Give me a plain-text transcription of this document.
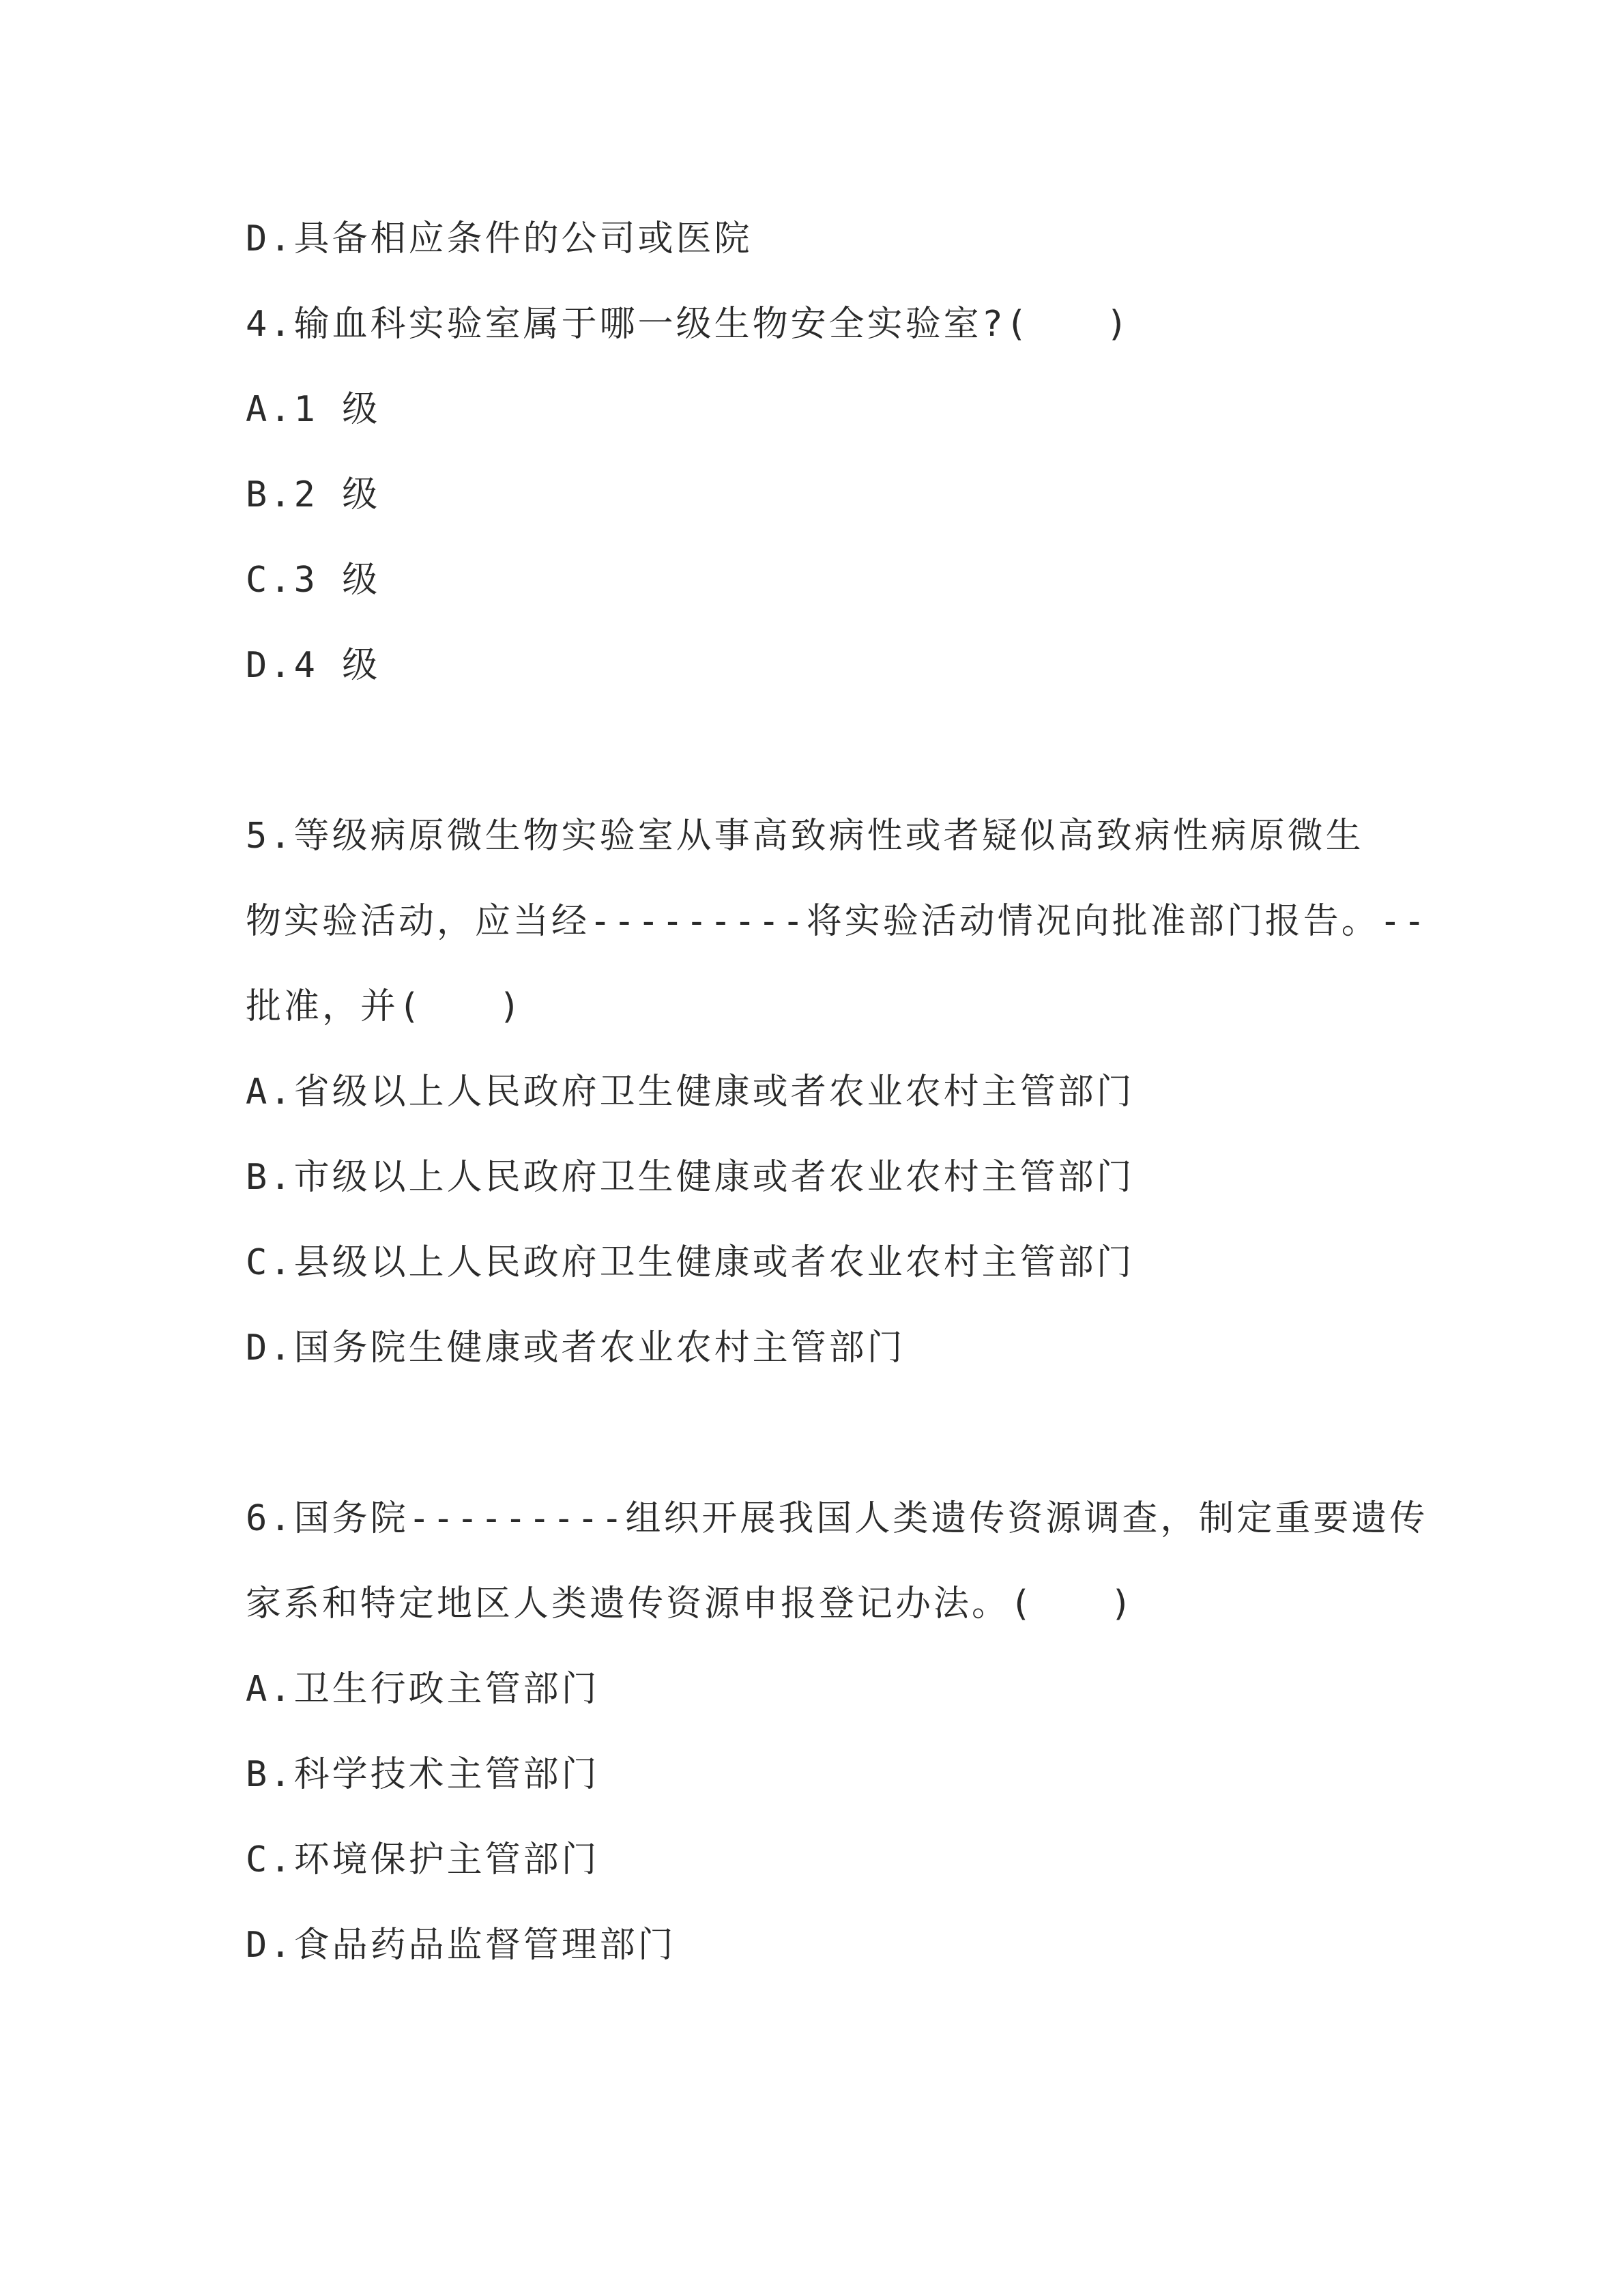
D.具备相应条件的公司或医院
4.输血科实验室属于哪一级生物安全实验室?(　　)
A.1 级
B.2 级
C.3 级
D.4 级
5.等级病原微生物实验室从事高致病性或者疑似高致病性病原微生
物实验活动，应当经---------将实验活动情况向批准部门报告。--
批准，并(　　)
A.省级以上人民政府卫生健康或者农业农村主管部门
B.市级以上人民政府卫生健康或者农业农村主管部门
C.县级以上人民政府卫生健康或者农业农村主管部门
D.国务院生健康或者农业农村主管部门
6.国务院---------组织开展我国人类遗传资源调查，制定重要遗传
家系和特定地区人类遗传资源申报登记办法。(　　)
A.卫生行政主管部门
B.科学技术主管部门
C.环境保护主管部门
D.食品药品监督管理部门
